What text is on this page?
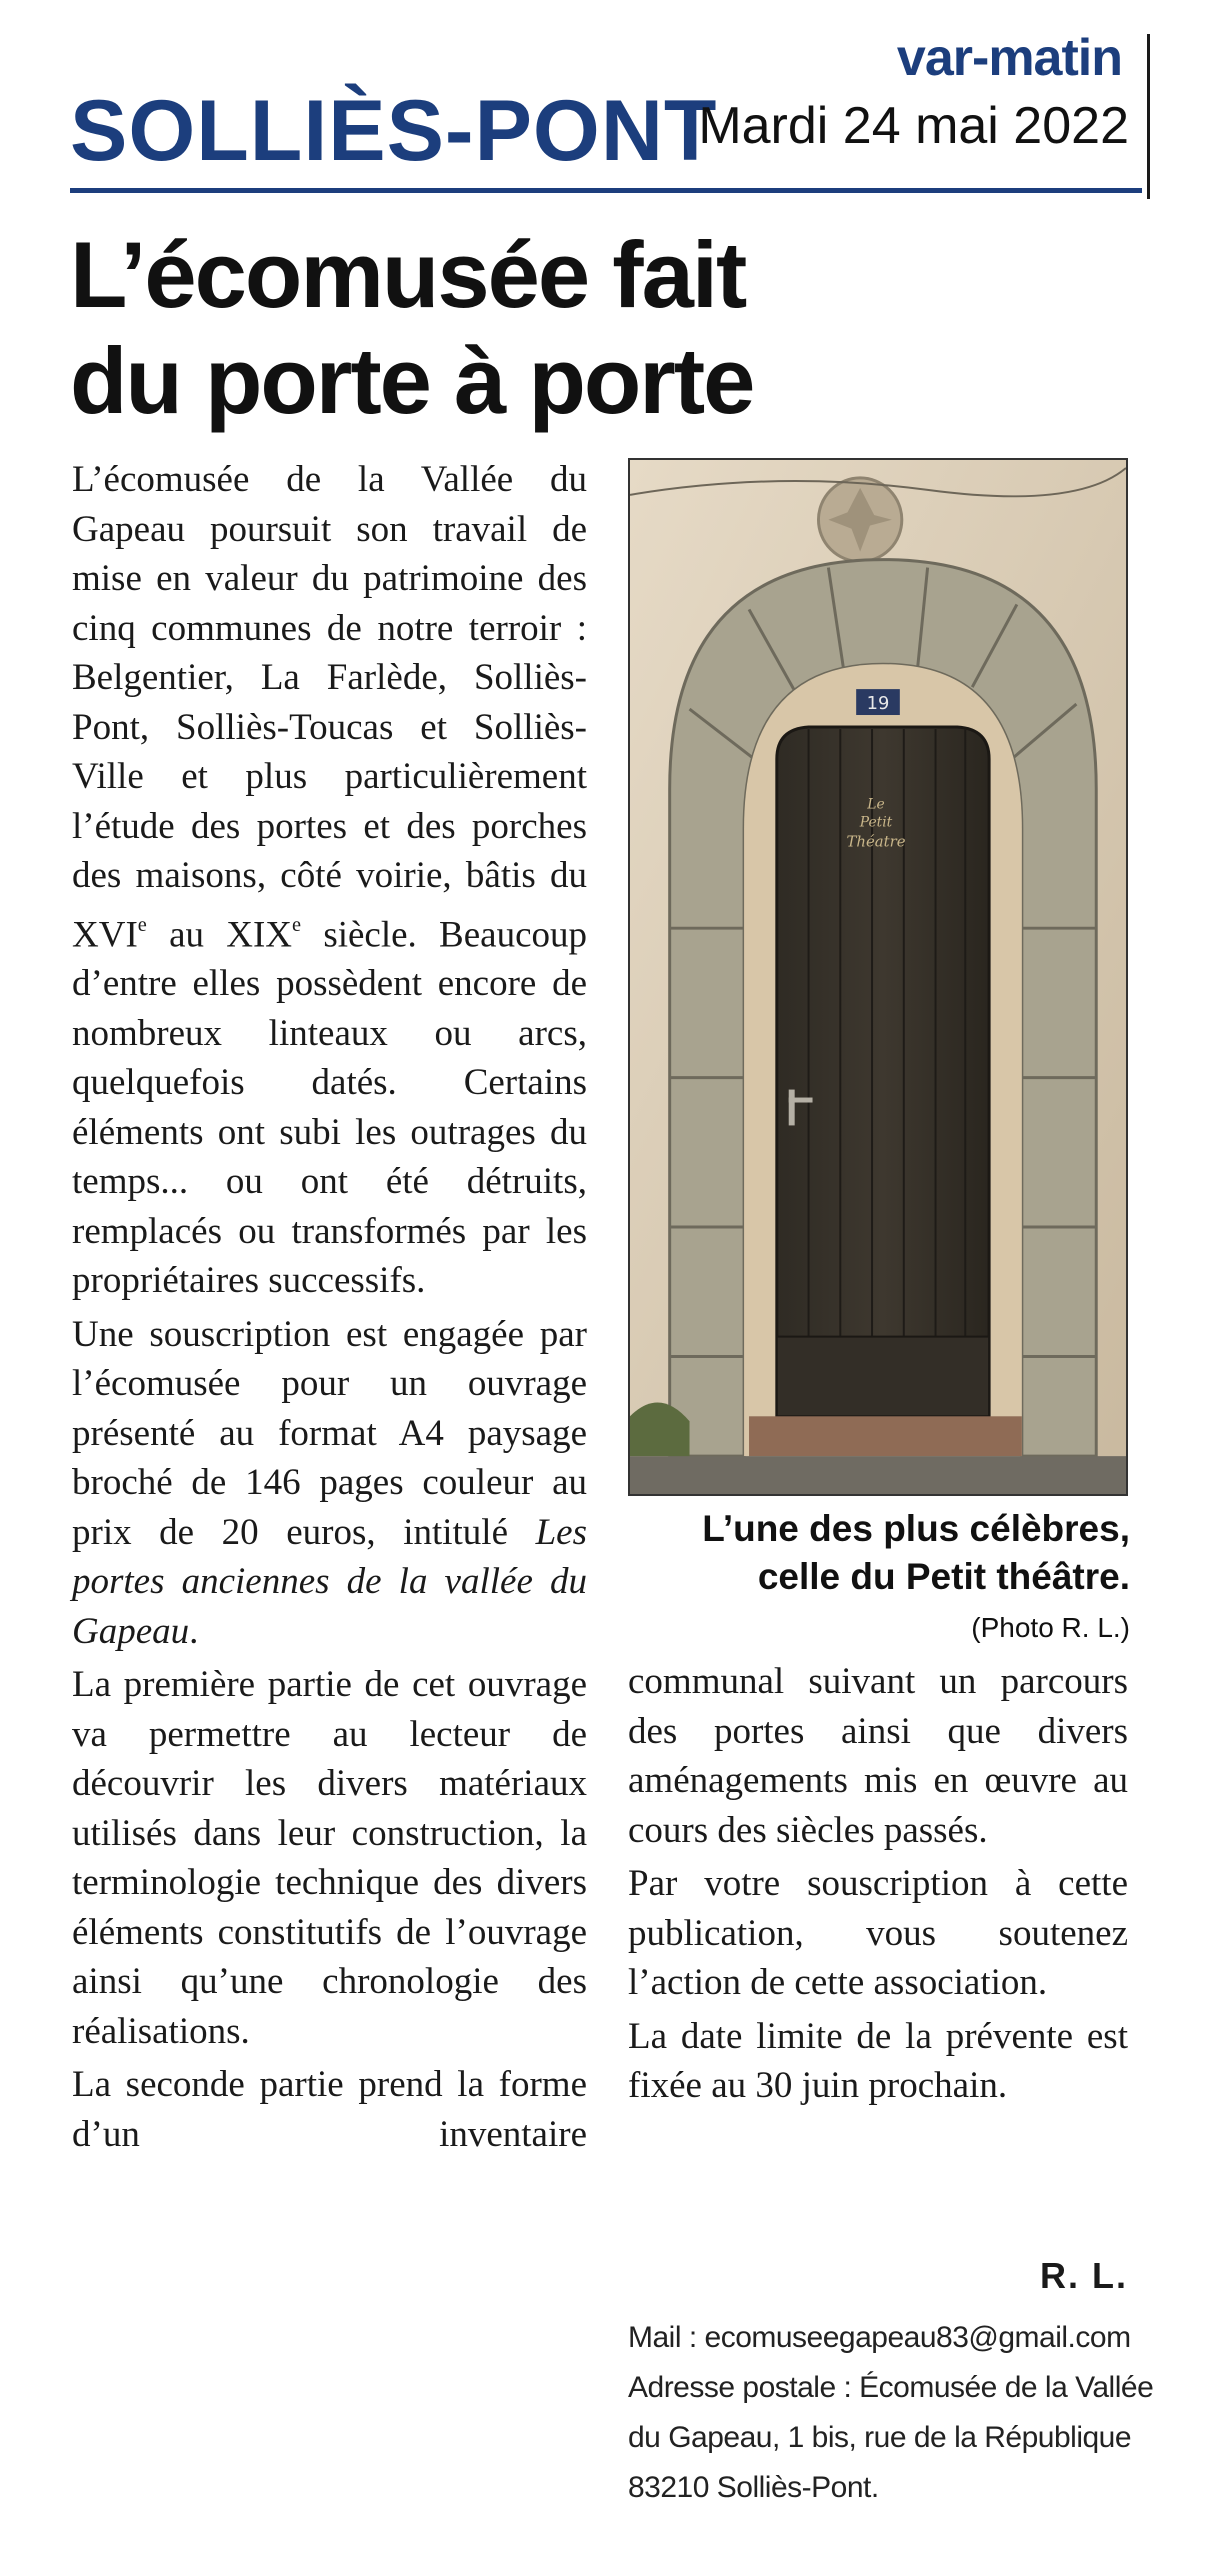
var-matin
SOLLIÈS-PONT
Mardi 24 mai 2022
L’écomusée fait
du porte à porte

L’écomusée de la Vallée du Gapeau poursuit son travail de mise en valeur du patrimoine des cinq communes de notre terroir : Belgentier, La Farlède, Solliès-Pont, Solliès-Toucas et Solliès-Ville et plus particulièrement l’étude des portes et des porches des maisons, côté voirie, bâtis du XVIe au XIXe siècle. Beaucoup d’entre elles possèdent encore de nombreux linteaux ou arcs, quelquefois datés. Certains éléments ont subi les outrages du temps... ou ont été détruits, remplacés ou transformés par les propriétaires successifs.

Une souscription est engagée par l’écomusée pour un ouvrage présenté au format A4 paysage broché de 146 pages couleur au prix de 20 euros, intitulé Les portes anciennes de la vallée du Gapeau.

La première partie de cet ouvrage va permettre au lecteur de découvrir les divers matériaux utilisés dans leur construction, la terminologie technique des divers éléments constitutifs de l’ouvrage ainsi qu’une chronologie des réalisations.

La seconde partie prend la forme d’un inventaire

19
Le
Petit
Théatre
L’une des plus célèbres,
celle du Petit théâtre.
(Photo R. L.)

communal suivant un parcours des portes ainsi que divers aménagements mis en œuvre au cours des siècles passés.

Par votre souscription à cette publication, vous soutenez l’action de cette association.

La date limite de la prévente est fixée au 30 juin prochain.

R. L.
Mail : ecomuseegapeau83@gmail.com
Adresse postale : Écomusée de la Vallée
du Gapeau, 1 bis, rue de la République
83210 Solliès-Pont.
